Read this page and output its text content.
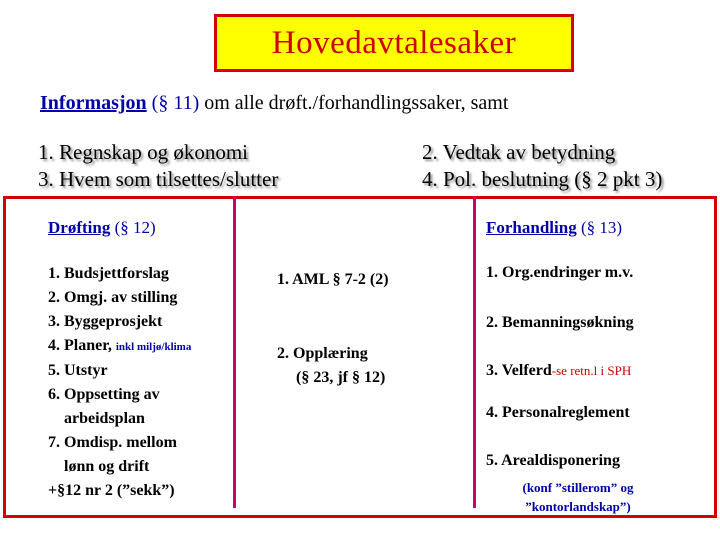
Hovedavtalesaker
Informasjon (§ 11) om alle drøft./forhandlingssaker, samt
1. Regnskap og økonomi
3. Hvem som tilsettes/slutter
2. Vedtak av betydning
4. Pol. beslutning (§ 2 pkt 3)
Drøfting (§ 12)
1. Budsjettforslag
2. Omgj. av stilling
3. Byggeprosjekt
4. Planer, inkl miljø/klima
5. Utstyr
6. Oppsetting av
arbeidsplan
7. Omdisp. mellom
lønn og drift
+§12 nr 2 (”sekk”)
1. AML § 7-2 (2)
2. Opplæring
(§ 23, jf § 12)
Forhandling (§ 13)
1. Org.endringer m.v.
2. Bemanningsøkning
3. Velferd-se retn.l i SPH
4. Personalreglement
5. Arealdisponering
(konf ”stillerom” og
”kontorlandskap”)
